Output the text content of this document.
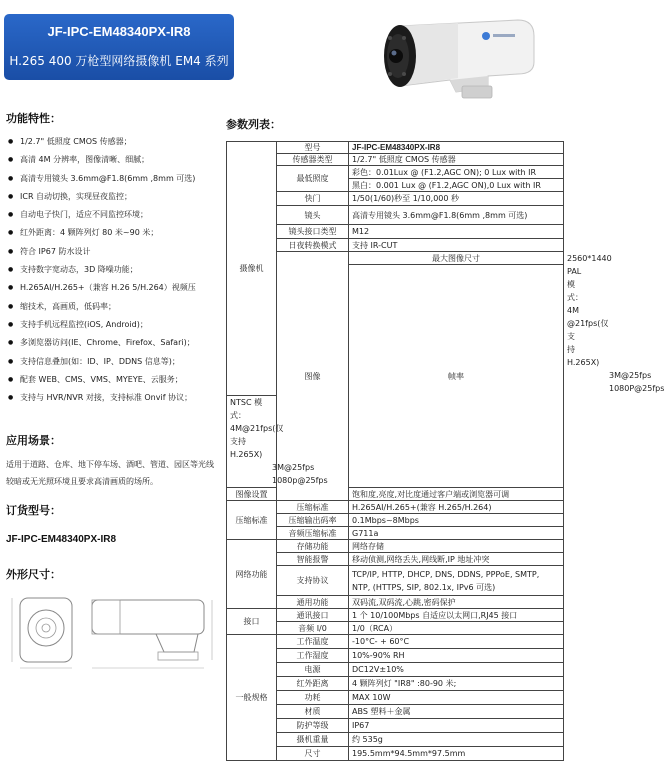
JF-IPC-EM48340PX-IR8
H.265 400 万枪型网络摄像机 EM4 系列
功能特性：
● 1/2.7" 低照度 CMOS 传感器；
● 高清 4M 分辨率，图像清晰、细腻；
● 高清专用镜头 3.6mm@F1.8(6mm ,8mm 可选)
● ICR 自动切换，实现昼夜监控；
● 自动电子快门，适应不同监控环境；
● 红外距离：4 颗阵列灯 80 米~90 米；
● 符合 IP67 防水设计
● 支持数字宽动态，3D 降噪功能；
● H.265AI/H.265+（兼容 H.26 5/H.264）视频压
● 缩技术，高画质，低码率；
● 支持手机远程监控(iOS, Android)；
● 多浏览器访问(IE、Chrome、Firefox、Safari)；
● 支持信息叠加(如：ID、IP、DDNS 信息等)；
● 配套 WEB、CMS、VMS、MYEYE、云服务；
● 支持与 HVR/NVR 对接，支持标准 Onvif 协议；
应用场景：
适用于道路、仓库、地下停车场、酒吧、管道、园区等光线较暗或无光照环境且要求高清画质的场所。
订货型号：
JF-IPC-EM48340PX-IR8
外形尺寸：
参数列表：
摄像机	型号	JF-IPC-EM48340PX-IR8	
	传感器类型	1/2.7" 低照度 CMOS 传感器	
	最低照度	彩色：0.01Lux @ (F1.2,AGC ON); 0 Lux with IR	
		黑白：0.001 Lux @ (F1.2,AGC ON),0 Lux with IR	
	快门	1/50(1/60)秒至 1/10,000 秒	
	镜头	高清专用镜头 3.6mm@F1.8(6mm ,8mm 可选)	
	镜头接口类型	M12	
	日夜转换模式	支持 IR-CUT	
	图像	最大图像尺寸	2560*1440
		帧率	PAL 模式：4M @21fps(仅支持 H.265X)
3M@25fps
1080P@25fps

NTSC 模式：4M@21fps(仅支持 H.265X)
3M@25fps
1080p@25fps			

图像设置		饱和度,亮度,对比度通过客户端或浏览器可调	
压缩标准	压缩标准	H.265AI/H.265+(兼容 H.265/H.264)	
	压缩输出码率	0.1Mbps~8Mbps	
	音频压缩标准	G711a	
网络功能	存储功能	网络存储	
	智能报警	移动侦测,网络丢失,网线断,IP 地址冲突	
	支持协议	TCP/IP, HTTP, DHCP, DNS, DDNS, PPPoE, SMTP,
NTP, (HTTPS, SIP, 802.1x, IPv6 可选)	

	通用功能	双码流,双码流,心跳,密码保护	
接口	通讯接口	1 个 10/100Mbps 自适应以太网口,RJ45 接口	
	音频 I/0	1/0（RCA）	
一般规格	工作温度	-10°C- + 60°C	
	工作湿度	10%-90% RH	
	电源	DC12V±10%	
	红外距离	4 颗阵列灯 "IR8" :80-90 米;	
	功耗	MAX 10W	
	材质	ABS 塑料＋金属	
	防护等级	IP67	
	摄机重量	约 535g	
	尺寸	195.5mm*94.5mm*97.5mm	
